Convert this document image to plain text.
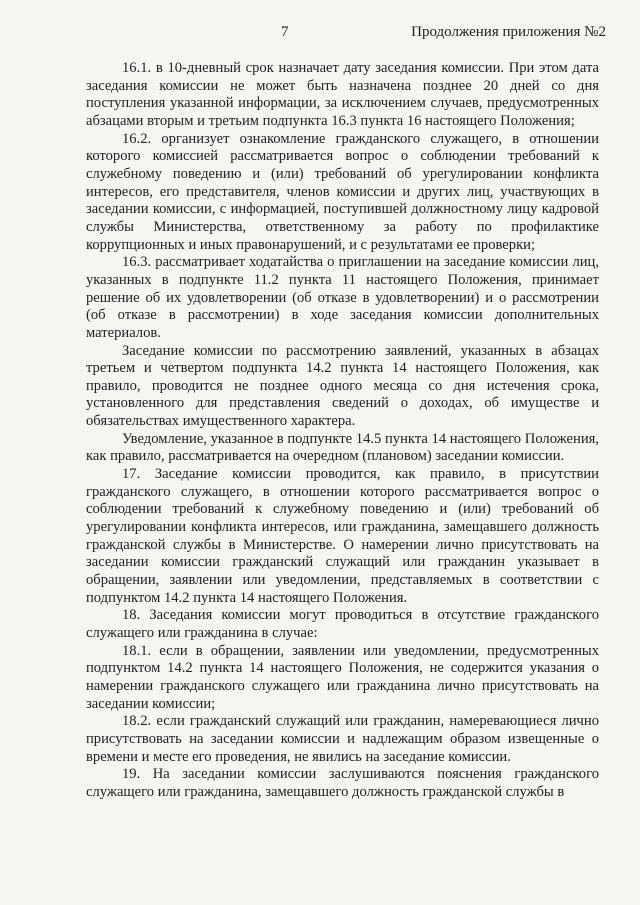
7	Продолжения приложения №2

16.1. в 10-дневный срок назначает дату заседания комиссии. При этом дата заседания комиссии не может быть назначена позднее 20 дней со дня поступления указанной информации, за исключением случаев, предусмотренных абзацами вторым и третьим подпункта 16.3 пункта 16 настоящего Положения;

16.2. организует ознакомление гражданского служащего, в отношении которого комиссией рассматривается вопрос о соблюдении требований к служебному поведению и (или) требований об урегулировании конфликта интересов, его представителя, членов комиссии и других лиц, участвующих в заседании комиссии, с информацией, поступившей должностному лицу кадровой службы Министерства, ответственному за работу по профилактике коррупционных и иных правонарушений, и с результатами ее проверки;

16.3. рассматривает ходатайства о приглашении на заседание комиссии лиц, указанных в подпункте 11.2 пункта 11 настоящего Положения, принимает решение об их удовлетворении (об отказе в удовлетворении) и о рассмотрении (об отказе в рассмотрении) в ходе заседания комиссии дополнительных материалов.

Заседание комиссии по рассмотрению заявлений, указанных в абзацах третьем и четвертом подпункта 14.2 пункта 14 настоящего Положения, как правило, проводится не позднее одного месяца со дня истечения срока, установленного для представления сведений о доходах, об имуществе и обязательствах имущественного характера.

Уведомление, указанное в подпункте 14.5 пункта 14 настоящего Положения, как правило, рассматривается на очередном (плановом) заседании комиссии.

17. Заседание комиссии проводится, как правило, в присутствии гражданского служащего, в отношении которого рассматривается вопрос о соблюдении требований к служебному поведению и (или) требований об урегулировании конфликта интересов, или гражданина, замещавшего должность гражданской службы в Министерстве. О намерении лично присутствовать на заседании комиссии гражданский служащий или гражданин указывает в обращении, заявлении или уведомлении, представляемых в соответствии с подпунктом 14.2 пункта 14 настоящего Положения.

18. Заседания комиссии могут проводиться в отсутствие гражданского служащего или гражданина в случае:

18.1. если в обращении, заявлении или уведомлении, предусмотренных подпунктом 14.2 пункта 14 настоящего Положения, не содержится указания о намерении гражданского служащего или гражданина лично присутствовать на заседании комиссии;

18.2. если гражданский служащий или гражданин, намеревающиеся лично присутствовать на заседании комиссии и надлежащим образом извещенные о времени и месте его проведения, не явились на заседание комиссии.

19. На заседании комиссии заслушиваются пояснения гражданского служащего или гражданина, замещавшего должность гражданской службы в
